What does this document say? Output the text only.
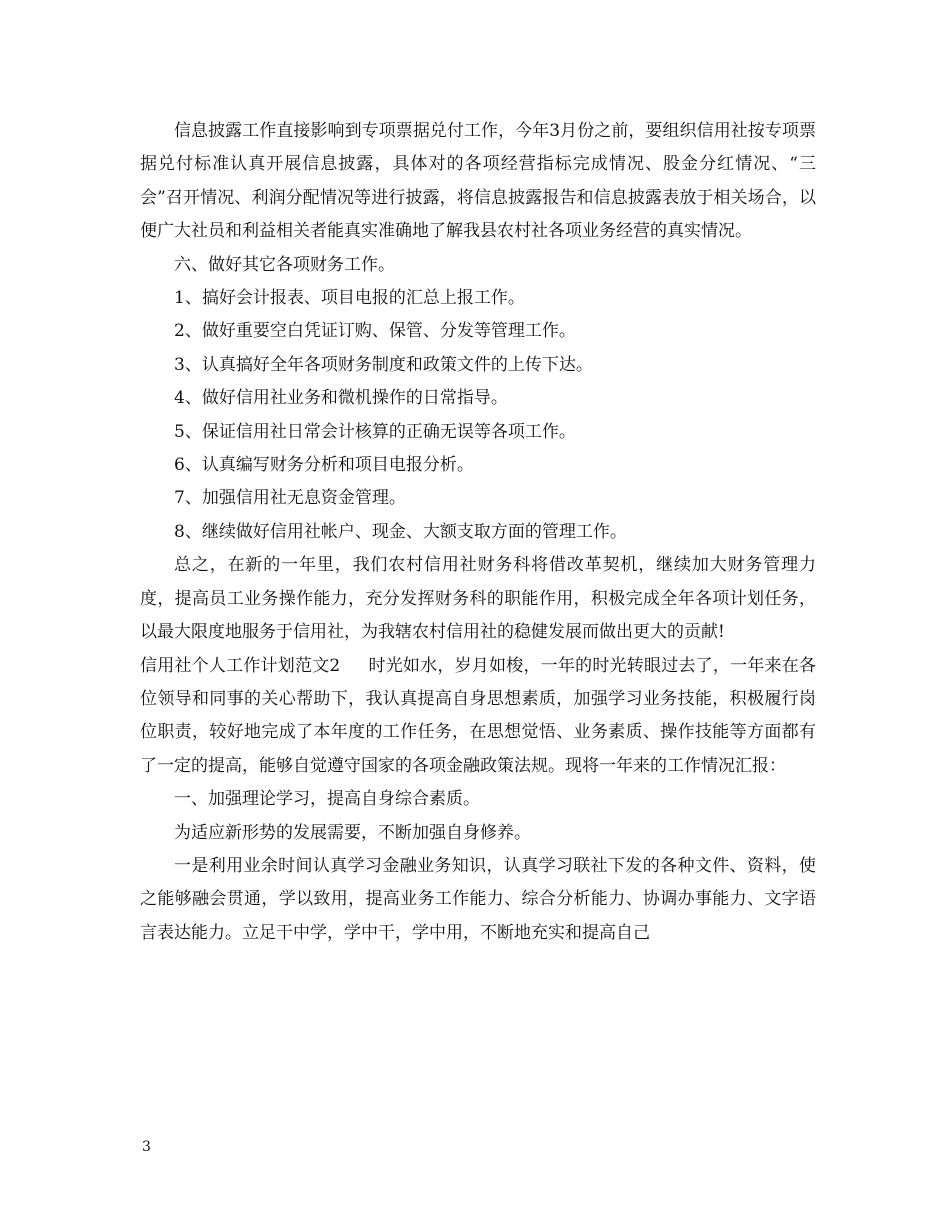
信息披露工作直接影响到专项票据兑付工作，今年3月份之前，要组织信用社按专项票据兑付标准认真开展信息披露，具体对的各项经营指标完成情况、股金分红情况、“三会”召开情况、利润分配情况等进行披露，将信息披露报告和信息披露表放于相关场合，以便广大社员和利益相关者能真实准确地了解我县农村社各项业务经营的真实情况。

六、做好其它各项财务工作。

1、搞好会计报表、项目电报的汇总上报工作。

2、做好重要空白凭证订购、保管、分发等管理工作。

3、认真搞好全年各项财务制度和政策文件的上传下达。

4、做好信用社业务和微机操作的日常指导。

5、保证信用社日常会计核算的正确无误等各项工作。

6、认真编写财务分析和项目电报分析。

7、加强信用社无息资金管理。

8、继续做好信用社帐户、现金、大额支取方面的管理工作。

总之，在新的一年里，我们农村信用社财务科将借改革契机，继续加大财务管理力度，提高员工业务操作能力，充分发挥财务科的职能作用，积极完成全年各项计划任务，以最大限度地服务于信用社，为我辖农村信用社的稳健发展而做出更大的贡献!

信用社个人工作计划范文2 时光如水，岁月如梭，一年的时光转眼过去了，一年来在各位领导和同事的关心帮助下，我认真提高自身思想素质，加强学习业务技能，积极履行岗位职责，较好地完成了本年度的工作任务，在思想觉悟、业务素质、操作技能等方面都有了一定的提高，能够自觉遵守国家的各项金融政策法规。现将一年来的工作情况汇报：

一、加强理论学习，提高自身综合素质。

为适应新形势的发展需要，不断加强自身修养。

一是利用业余时间认真学习金融业务知识，认真学习联社下发的各种文件、资料，使之能够融会贯通，学以致用，提高业务工作能力、综合分析能力、协调办事能力、文字语言表达能力。立足干中学，学中干，学中用，不断地充实和提高自己

3
